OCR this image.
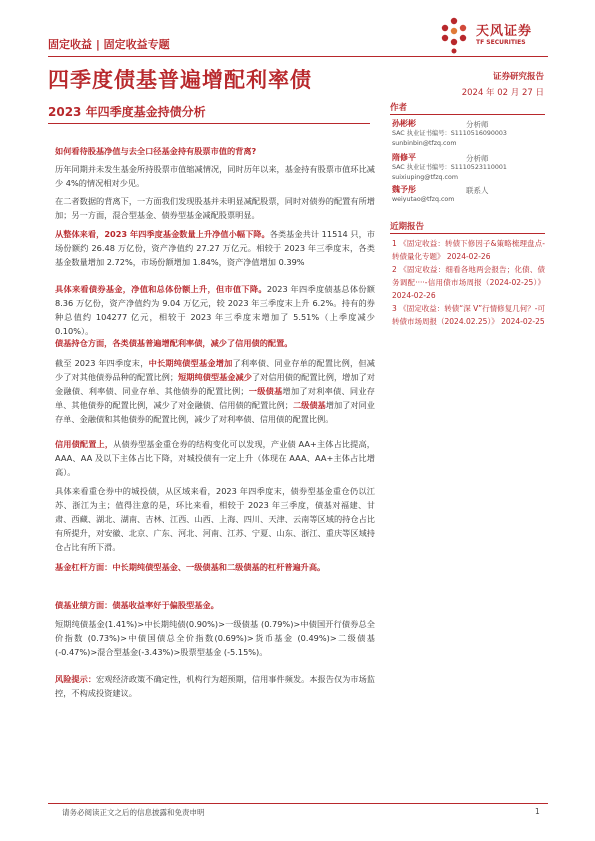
固定收益 | 固定收益专题
天风证券
TF SECURITIES
四季度债基普遍增配利率债	证券研究报告
2024 年 02 月 27 日
2023 年四季度基金持债分析
如何看待股基净值与去全口径基金持有股票市值的背离?
历年同期并未发生基金所持股票市值缩减情况，同时历年以来，基金持有股票市值环比减少 4%的情况相对少见。
在二者数据的背离下，一方面我们发现股基并未明显减配股票，同时对债券的配置有所增加；另一方面，混合型基金、债券型基金减配股票明显。
从整体来看，2023 年四季度基金数量上升净值小幅下降。各类基金共计 11514 只，市场份额约 26.48 万亿份，资产净值约 27.27 万亿元。相较于 2023 年三季度末，各类基金数量增加 2.72%，市场份额增加 1.84%，资产净值增加 0.39%
具体来看债券基金，净值和总体份额上升，但市值下降。2023 年四季度债基总体份额 8.36 万亿份，资产净值约为 9.04 万亿元，较 2023 年三季度末上升 6.2%。持有的券种总值约 104277 亿元，相较于 2023 年三季度末增加了 5.51%（上季度减少 0.10%）。
债基持仓方面，各类债基普遍增配利率债，减少了信用债的配置。
截至 2023 年四季度末，中长期纯债型基金增加了利率债、同业存单的配置比例，但减少了对其他债券品种的配置比例；短期纯债型基金减少了对信用债的配置比例，增加了对金融债、利率债、同业存单、其他债券的配置比例；一级债基增加了对利率债、同业存单、其他债券的配置比例，减少了对金融债、信用债的配置比例；二级债基增加了对同业存单、金融债和其他债券的配置比例，减少了对利率债、信用债的配置比例。
信用债配置上，从债券型基金重仓券的结构变化可以发现，产业债 AA+主体占比提高，AAA、AA 及以下主体占比下降，对城投债有一定上升（体现在 AAA、AA+主体占比增高）。
具体来看重仓券中的城投债，从区域来看，2023 年四季度末，债券型基金重仓仍以江苏、浙江为主；值得注意的是，环比来看，相较于 2023 年三季度，债基对福建、甘肃、西藏、湖北、湖南、吉林、江西、山西、上海、四川、天津、云南等区域的持仓占比有所提升，对安徽、北京、广东、河北、河南、江苏、宁夏、山东、浙江、重庆等区域持仓占比有所下滑。
基金杠杆方面：中长期纯债型基金、一级债基和二级债基的杠杆普遍升高。
债基业绩方面：债基收益率好于偏股型基金。
短期纯债基金(1.41%)>中长期纯债(0.90%)>一级债基 (0.79%)>中债国开行债券总全价指数 (0.73%)>中债国债总全价指数(0.69%)>货币基金 (0.49%)>二级债基(-0.47%)>混合型基金(-3.43%)>股票型基金 (-5.15%)。
风险提示：宏观经济政策不确定性，机构行为超预期，信用事件频发。本报告仅为市场监控，不构成投资建议。
作者
孙彬彬	分析师
SAC 执业证书编号：S1110516090003
sunbinbin@tfzq.com
隋修平	分析师
SAC 执业证书编号：S1110523110001
suixiuping@tfzq.com
魏予彤	联系人
weiyutao@tfzq.com
近期报告
1 《固定收益：转债下修因子&策略梳理盘点-转债量化专题》 2024-02-26
2 《固定收益：细看各地两会报告；化债、债务调配····-信用债市场周报（2024-02-25）》 2024-02-26
3 《固定收益：转债“深 V”行情修复几何？-可转债市场周报（2024.02.25）》 2024-02-25
请务必阅读正文之后的信息披露和免责申明	1
